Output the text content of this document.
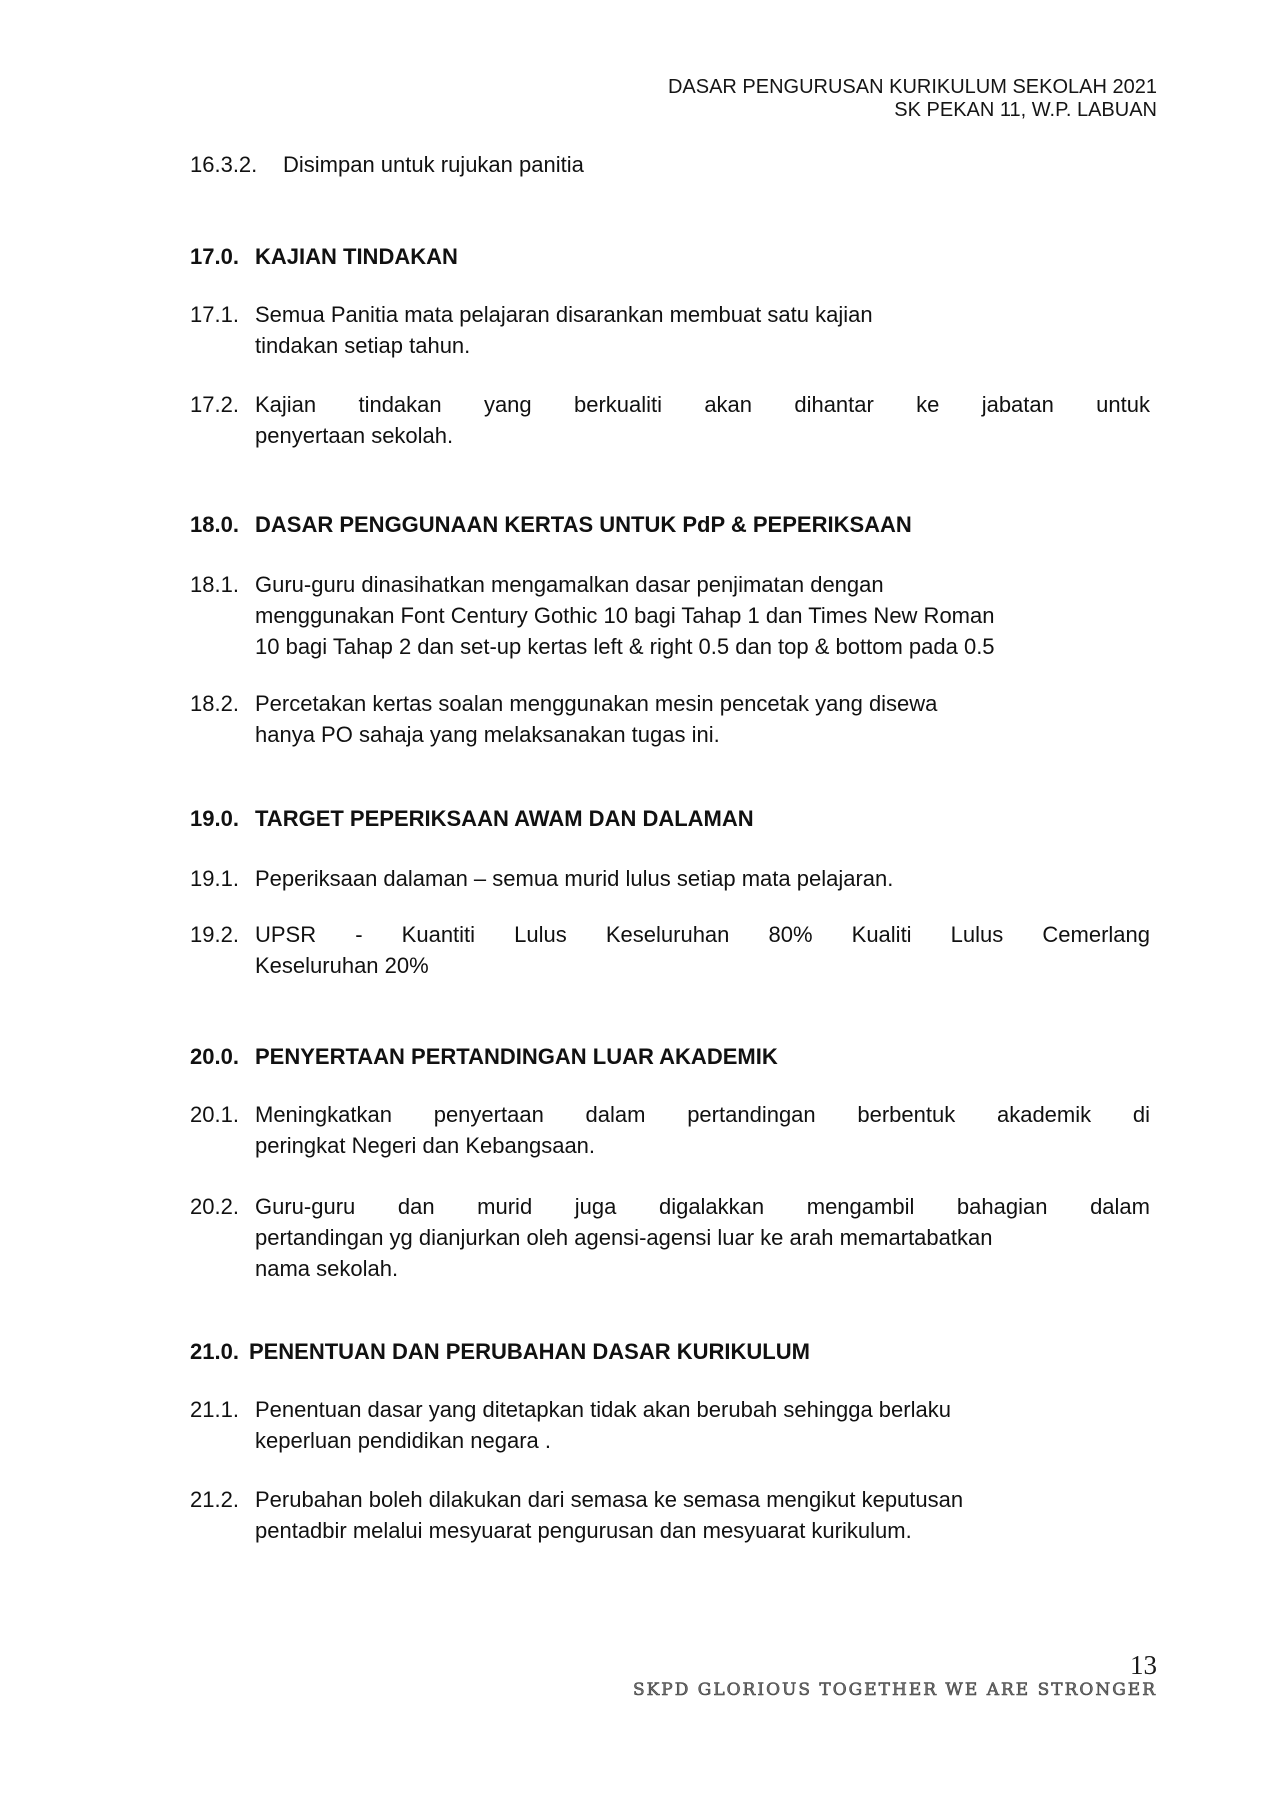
DASAR PENGURUSAN KURIKULUM SEKOLAH 2021
SK PEKAN 11, W.P. LABUAN
16.3.2. Disimpan untuk rujukan panitia
17.0. KAJIAN TINDAKAN
17.1. Semua Panitia mata pelajaran disarankan membuat satu kajian
tindakan setiap tahun.
17.2. Kajian tindakan yang berkualiti akan dihantar ke jabatan untuk
penyertaan sekolah.
18.0. DASAR PENGGUNAAN KERTAS UNTUK PdP & PEPERIKSAAN
18.1. Guru-guru dinasihatkan mengamalkan dasar penjimatan dengan
menggunakan Font Century Gothic 10 bagi Tahap 1 dan Times New Roman
10 bagi Tahap 2 dan set-up kertas left & right 0.5 dan top & bottom pada 0.5
18.2. Percetakan kertas soalan menggunakan mesin pencetak yang disewa
hanya PO sahaja yang melaksanakan tugas ini.
19.0. TARGET PEPERIKSAAN AWAM DAN DALAMAN
19.1. Peperiksaan dalaman – semua murid lulus setiap mata pelajaran.
19.2. UPSR - Kuantiti Lulus Keseluruhan 80% Kualiti Lulus Cemerlang
Keseluruhan 20%
20.0. PENYERTAAN PERTANDINGAN LUAR AKADEMIK
20.1. Meningkatkan penyertaan dalam pertandingan berbentuk akademik di
peringkat Negeri dan Kebangsaan.
20.2. Guru-guru dan murid juga digalakkan mengambil bahagian dalam
pertandingan yg dianjurkan oleh agensi-agensi luar ke arah memartabatkan
nama sekolah.
21.0. PENENTUAN DAN PERUBAHAN DASAR KURIKULUM
21.1. Penentuan dasar yang ditetapkan tidak akan berubah sehingga berlaku
keperluan pendidikan negara .
21.2. Perubahan boleh dilakukan dari semasa ke semasa mengikut keputusan
pentadbir melalui mesyuarat pengurusan dan mesyuarat kurikulum.
13
SKPD GLORIOUS TOGETHER WE ARE STRONGER
